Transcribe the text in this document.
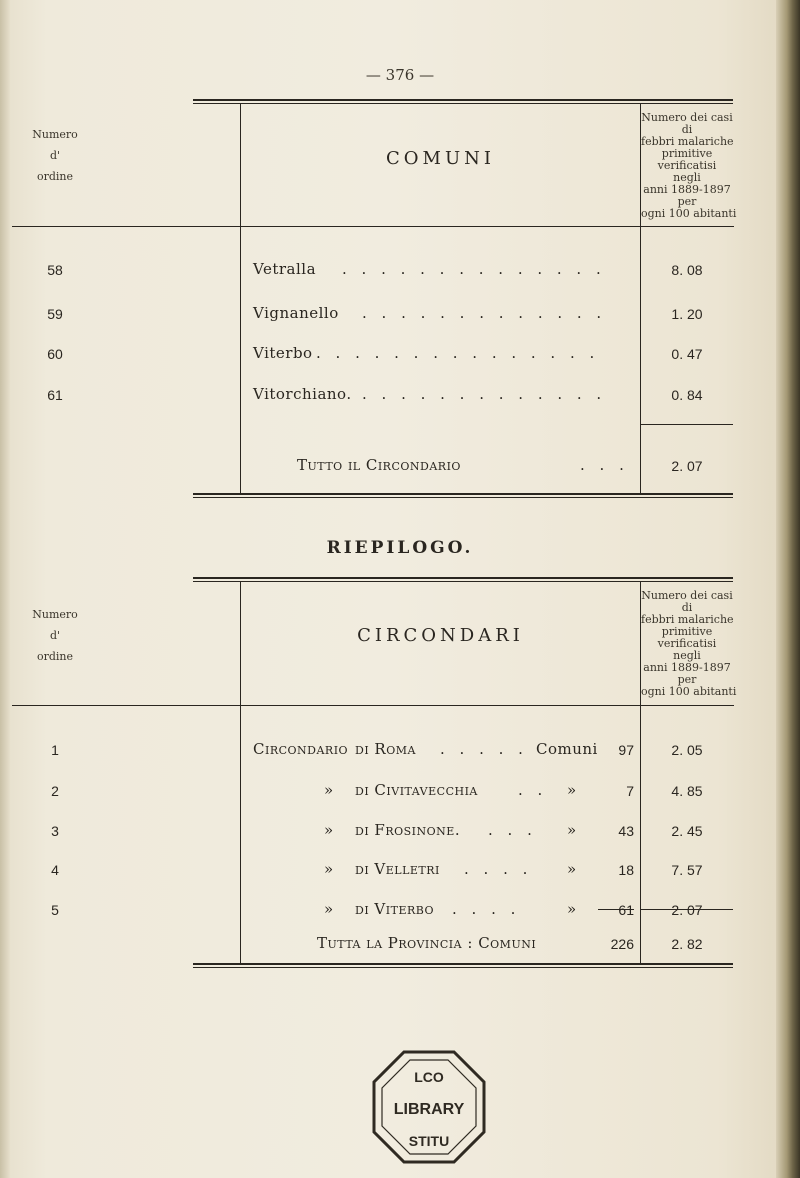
— 376 —
Numero
d'
ordine
COMUNI
Numero dei casi
di
febbri malariche
primitive
verificatisi
negli
anni 1889-1897
per
ogni 100 abitanti
58	Vetralla . . . . . . . . . . . . . .	8. 08
59	Vignanello . . . . . . . . . . . . .	1. 20
60	Viterbo . . . . . . . . . . . . . . .	0. 47
61	Vitorchiano. . . . . . . . . . . . . .	0. 84
Tutto il Circondario	. . .	2. 07
RIEPILOGO.
Numero
d'
ordine
CIRCONDARI
Numero dei casi
di
febbri malariche
primitive
verificatisi
negli
anni 1889-1897
per
ogni 100 abitanti
1	Circondario di Roma . . . . . Comuni	97	2. 05
2	» di Civitavecchia	. . »	7	4. 85
3	» di Frosinone. . . . »	43	2. 45
4	» di Velletri . . . . »	18	7. 57
5	» di Viterbo . . . .	»	61	2. 07
Tutta la Provincia : Comuni	226	2. 82
LCO
LIBRARY
STITU
